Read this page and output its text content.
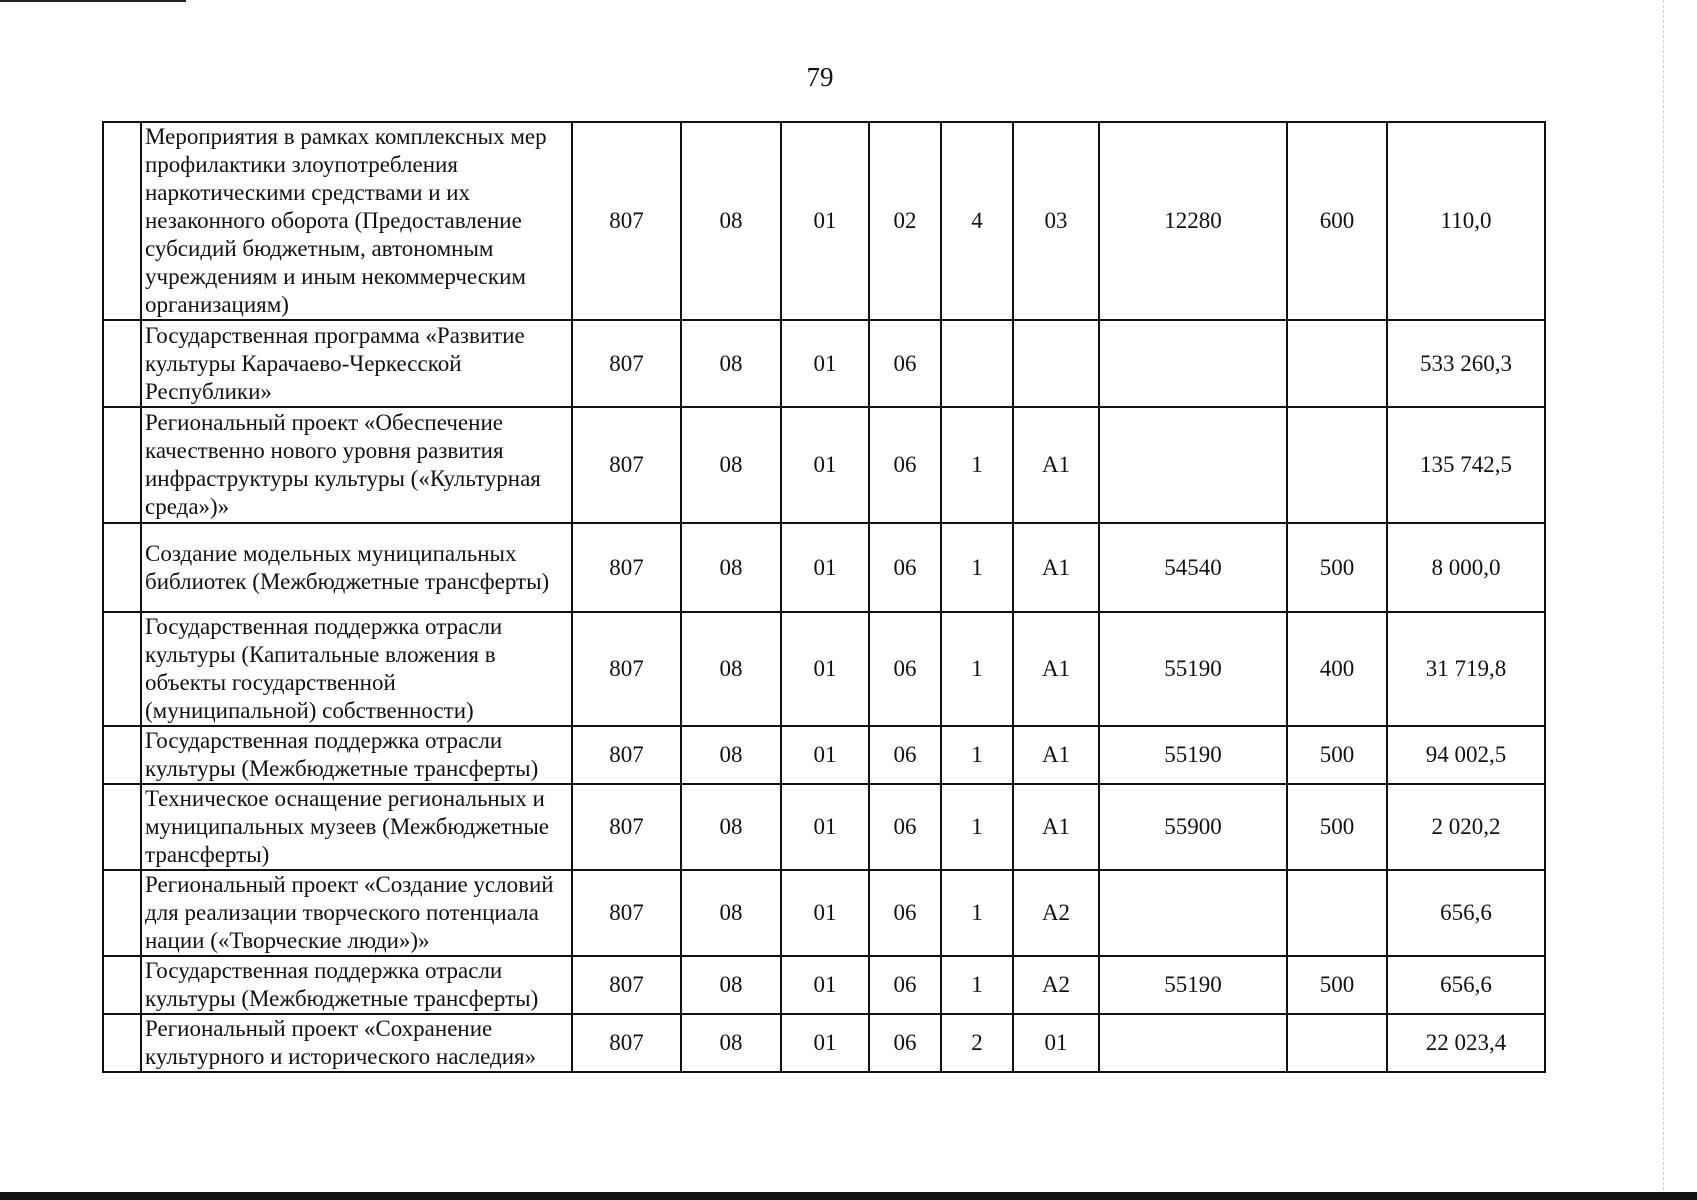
79
	Мероприятия в рамках комплексных мер профилактики злоупотребления наркотическими средствами и их незаконного оборота (Предоставление субсидий бюджетным, автономным учреждениям и иным некоммерческим организациям)	807	08	01	02	4	03	12280	600	110,0
	Государственная программа «Развитие культуры Карачаево-Черкесской Республики»	807	08	01	06					533 260,3
	Региональный проект «Обеспечение качественно нового уровня развития инфраструктуры культуры («Культурная среда»)»	807	08	01	06	1	A1			135 742,5
	Создание модельных муниципальных библиотек (Межбюджетные трансферты)	807	08	01	06	1	A1	54540	500	8 000,0
	Государственная поддержка отрасли культуры (Капитальные вложения в объекты государственной (муниципальной) собственности)	807	08	01	06	1	A1	55190	400	31 719,8
	Государственная поддержка отрасли культуры (Межбюджетные трансферты)	807	08	01	06	1	A1	55190	500	94 002,5
	Техническое оснащение региональных и муниципальных музеев (Межбюджетные трансферты)	807	08	01	06	1	A1	55900	500	2 020,2
	Региональный проект «Создание условий для реализации творческого потенциала нации («Творческие люди»)»	807	08	01	06	1	A2			656,6
	Государственная поддержка отрасли культуры (Межбюджетные трансферты)	807	08	01	06	1	A2	55190	500	656,6
	Региональный проект «Сохранение культурного и исторического наследия»	807	08	01	06	2	01			22 023,4
